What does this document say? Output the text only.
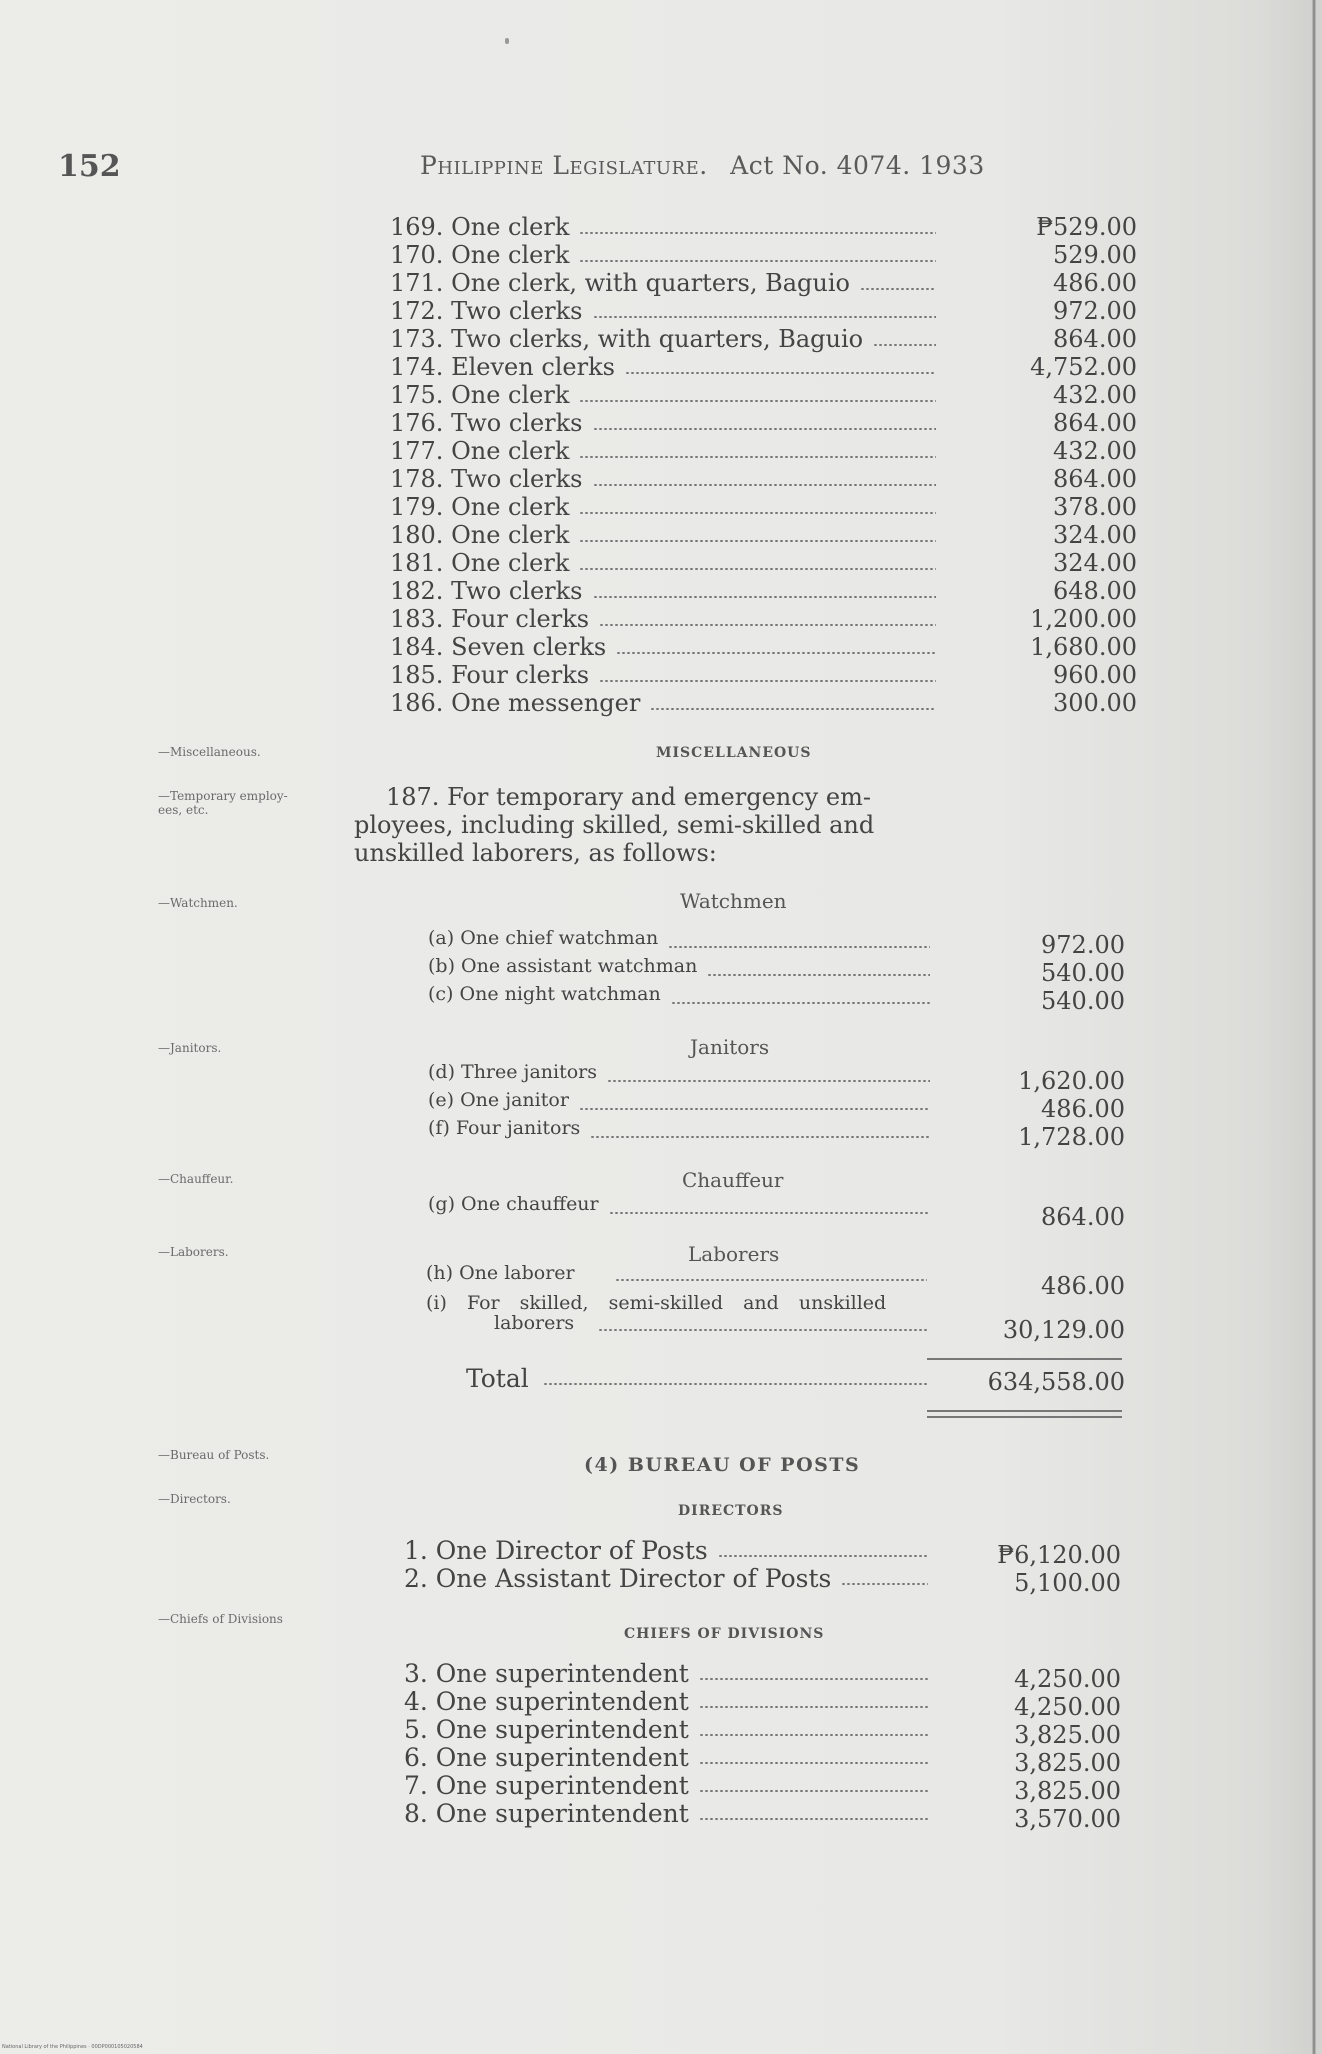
152	Philippine Legislature. Act No. 4074. 1933
169. One clerk	₱529.00
170. One clerk	529.00
171. One clerk, with quarters, Baguio	486.00
172. Two clerks	972.00
173. Two clerks, with quarters, Baguio	864.00
174. Eleven clerks	4,752.00
175. One clerk	432.00
176. Two clerks	864.00
177. One clerk	432.00
178. Two clerks	864.00
179. One clerk	378.00
180. One clerk	324.00
181. One clerk	324.00
182. Two clerks	648.00
183. Four clerks	1,200.00
184. Seven clerks	1,680.00
185. Four clerks	960.00
186. One messenger	300.00
—Miscellaneous.	MISCELLANEOUS
—Temporary employ-
ees, etc.	187. For temporary and emergency em-
ployees, including skilled, semi-skilled and
unskilled laborers, as follows:
—Watchmen.	Watchmen
(a) One chief watchman	972.00
(b) One assistant watchman	540.00
(c) One night watchman	540.00
—Janitors.	Janitors
(d) Three janitors	1,620.00
(e) One janitor	486.00
(f) Four janitors	1,728.00
—Chauffeur.	Chauffeur
(g) One chauffeur	864.00
—Laborers.	Laborers
(h) One laborer	486.00
(i) For skilled, semi-skilled and unskilled
laborers	30,129.00
Total	634,558.00
—Bureau of Posts.	(4) BUREAU OF POSTS
—Directors.
DIRECTORS
1. One Director of Posts	₱6,120.00
2. One Assistant Director of Posts	5,100.00
—Chiefs of Divisions
CHIEFS OF DIVISIONS
3. One superintendent	4,250.00
4. One superintendent	4,250.00
5. One superintendent	3,825.00
6. One superintendent	3,825.00
7. One superintendent	3,825.00
8. One superintendent	3,570.00
National Library of the Philippines · 00DP000105020584
